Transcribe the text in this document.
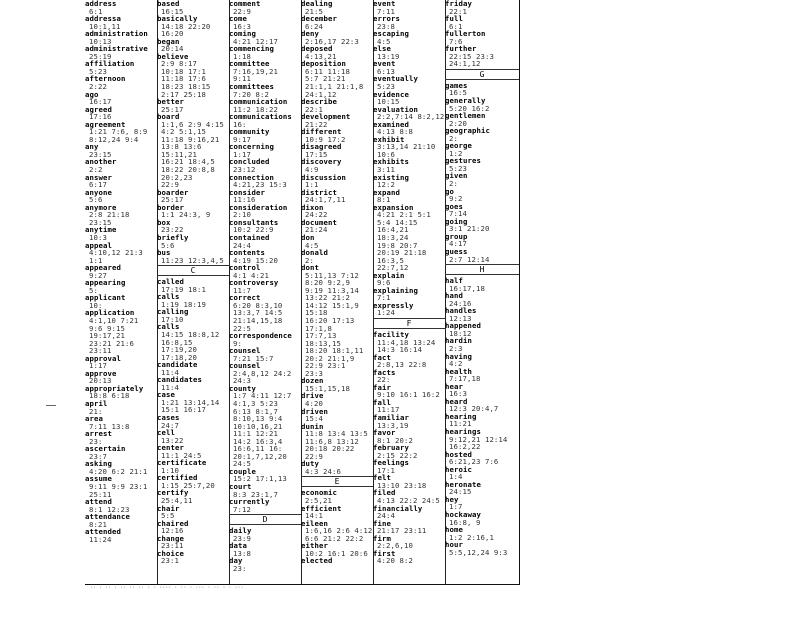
address
6:1
addressa
10:1,11
administration
10:13
administrative
25:19
affiliation
5:23
afternoon
2:22
ago
16:17
agreed
17:16
agreement
1:21 7:6, 8:9
8:12,24 9:4
any
23:15
another
2:2
answer
6:17
anyone
5:6
anymore
2:8 21:18
23:15
anytime
10:3
appeal
4:10,12 21:3
1:1
appeared
9:27
appearing
5:
applicant
10:
application
4:1,10 7:21
9:6 9:15
19:17,21
23:21 21:6
23:11
approval
1:17
approve
20:13
appropriately
18:8 6:18
april
21:
area
7:11 13:8
arrest
23:
ascertain
23:7
asking
4:20 6:2 21:1
assume
9:11 9:9 23:1
25:11
attend
8:1 12:23
attendance
8:21
attended
11:24
based
16:15
basically
14:18 22:20
16:20
began
20:14
believe
2:9 8:17
10:18 17:1
11:18 17:6
18:23 18:15
2:17 25:18
better
25:17
board
1:1,6 2:9 4:15
4:2 5:1,15
11:18 9:16,21
13:8 13:6
15:11,21
16:21 18:4,5
18:22 20:8,8
20:2,23
22:9
boarder
25:17
border
1:1 24:3, 9
box
23:22
briefly
5:6
bus
11:23 12:3,4,5
C
called
17:19 18:1
calls
1:19 18:19
calling
17:10
calls
14:15 18:8,12
16:8,15
17:19,20
17:18,20
candidate
11:4
candidates
11:4
case
1:21 13:14,14
15:1 16:17
cases
24:7
cell
13:22
center
11:1 24:5
certificate
1:10
certified
1:15 25:7,20
certify
25:4,11
chair
5:5
chaired
12:16
change
23:11
choice
23:1
comment
22:9
come
16:3
coming
4:21 12:17
commencing
1:18
committee
7:16,19,21
9:11
committees
7:20 8:2
communication
11:2 18:22
communications
16:
community
9:17
concerning
1:17
concluded
23:12
connection
4:21,23 15:3
consider
11:16
consideration
2:10
consultants
10:2 22:9
contained
24:4
contents
4:19 15:20
control
4:1 4:21
controversy
11:7
correct
6:20 8:3,10
13:3,7 14:5
21:14,15,18
22:5
correspondence
9:
counsel
7:21 15:7
counsel
2:4,8,12 24:2
24:3
county
1:7 4:11 12:7
4:1,3 5:23
6:13 8:1,7
8:10,13 9:4
10:10,16,21
11:1 12:21
14:2 16:3,4
16:6,11 16:
20:1,7,12,20
24:5
couple
15:2 17:1,13
court
8:3 23:1,7
currently
7:12
D
daily
23:9
data
13:8
day
23:
dealing
21:5
december
6:24
deny
2:16,17 22:3
deposed
4:13,21
deposition
6:11 11:18
5:7 21:21
21:1,1 21:1,8
24:1,12
describe
22:1
development
21:22
different
10:9 17:2
disagreed
17:15
discovery
4:9
discussion
1:1
district
24:1,7,11
dixon
24:22
document
21:24
don
4:5
donald
2:
dont
5:11,13 7:12
8:20 9:2,9
9:19 11:3,14
13:22 21:2
14:12 15:1,9
15:18
16:20 17:13
17:1,8
17:7,13
18:13,15
18:20 18:1,11
20:2 21:1,9
22:9 23:1
23:3
dozen
15:1,15,18
drive
4:20
driven
15:4
dunin
11:8 13:4 13:5
11:6,8 13:12
20:18 20:22
22:9
duty
4:3 24:6
E
economic
2:5,21
efficient
14:1
eileen
1:6,16 2:6 4:12
6:6 21:2 22:2
either
10:2 16:1 20:6
elected
event
7:11
errors
23:8
escaping
4:5
else
13:19
event
6:13
eventually
5:23
evidence
10:15
evaluation
2:2,7:14 8:2,12
examined
4:13 8:8
exhibit
3:13,14 21:10
10:6
exhibits
3:11
existing
12:2
expand
8:1
expansion
4:21 2:1 5:1
5:4 14:15
16:4,21
18:3,24
19:8 20:7
20:19 21:18
16:3,5
22:7,12
explain
9:6
explaining
7:1
expressly
1:24
F
facility
11:4,18 13:24
14:3 16:14
fact
2:8,13 22:8
facts
22:
fair
9:10 16:1 16:2
fall
11:17
familiar
13:3,19
favor
8:1 20:2
february
2:15 22:2
feelings
17:1
felt
13:10 23:18
filed
4:13 22:2 24:5
financially
24:4
fine
21:17 23:11
firm
2:2,6,10
first
4:20 8:2
friday
22:1
full
6:1
fullerton
7:6
further
22:15 23:3
24:1,12
G
games
16:5
generally
5:20 16:2
gentlemen
2:20
geographic
2:
george
1:2
gestures
5:23
given
2:
go
9:2
goes
7:14
going
3:1 21:20
group
4:17
guess
2:7 12:14
H
half
16:17,18
hand
24:16
handles
12:13
happened
18:12
hardin
2:3
having
4:2
health
7:17,18
hear
16:3
heard
12:3 20:4,7
hearing
11:21
hearings
9:12,21 12:14
16:2,22
hosted
6:21,23 7:6
heroic
1:4
heronate
24:15
hey
1:7
hockaway
16:8, 9
home
1:2 2:16,1
hour
5:5,12,24 9:3
·· · ·· · ·· ·· ·· · · ···· · ·· · ··· · ·· · · ···
